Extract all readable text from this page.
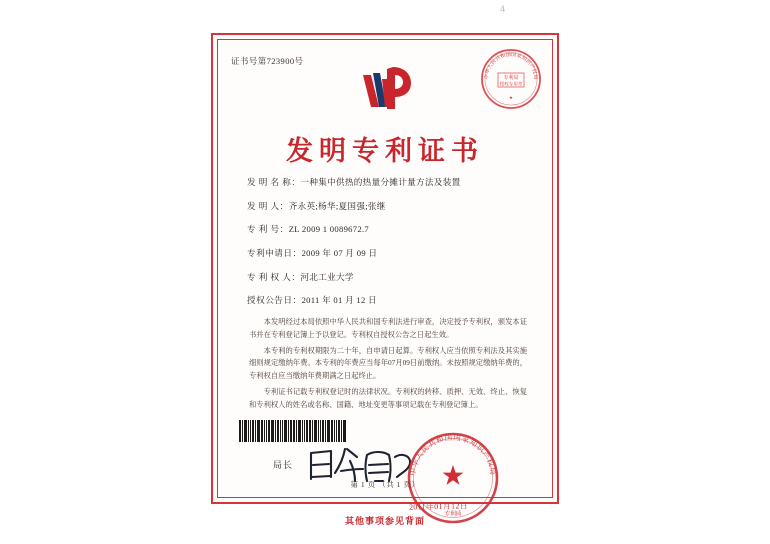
4
证书号第723900号
中华人民共和国国家知识产权局
专利局
授权专用章
★
发明专利证书
发 明 名 称：一种集中供热的热量分摊计量方法及装置
发 明 人：齐永英;杨华;夏国强;张继
专 利 号：ZL 2009 1 0089672.7
专利申请日：2009 年 07 月 09 日
专 利 权 人：河北工业大学
授权公告日：2011 年 01 月 12 日

本发明经过本局依照中华人民共和国专利法进行审查，决定授予专利权，颁发本证书并在专利登记簿上予以登记。专利权自授权公告之日起生效。

本专利的专利权期限为二十年，自申请日起算。专利权人应当依照专利法及其实施细则规定缴纳年费。本专利的年费应当每年07月09日前缴纳。未按照规定缴纳年费的，专利权自应当缴纳年费期满之日起终止。

专利证书记载专利权登记时的法律状况。专利权的转移、质押、无效、终止、恢复和专利权人的姓名或名称、国籍、地址变更等事项记载在专利登记簿上。

局长
中华人民共和国国家知识产权局
专利局
2011年01月12日
第 1 页 （共 1 页）
其他事项参见背面
